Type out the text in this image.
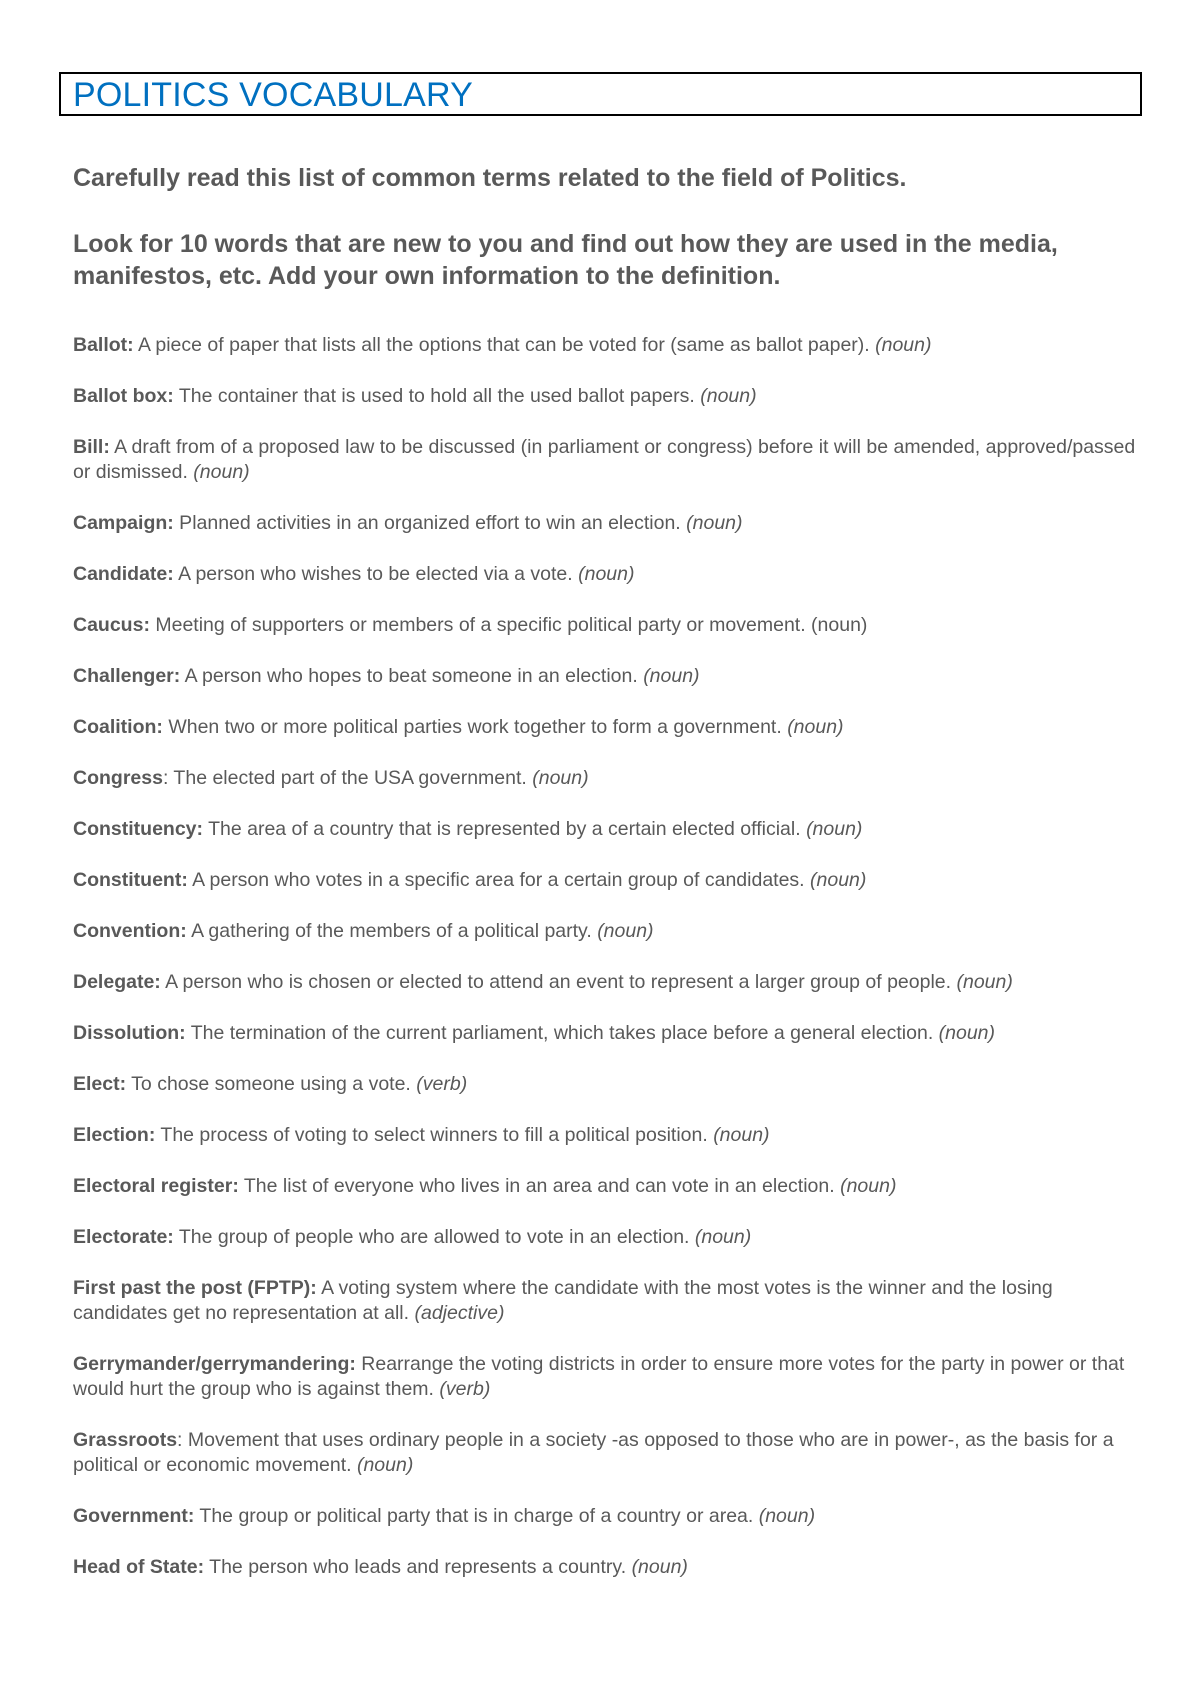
POLITICS VOCABULARY

Carefully read this list of common terms related to the field of Politics.

Look for 10 words that are new to you and find out how they are used in the media, manifestos, etc. Add your own information to the definition.

Ballot: A piece of paper that lists all the options that can be voted for (same as ballot paper). (noun)
Ballot box: The container that is used to hold all the used ballot papers. (noun)
Bill: A draft from of a proposed law to be discussed (in parliament or congress) before it will be amended, approved/passed or dismissed. (noun)
Campaign: Planned activities in an organized effort to win an election. (noun)
Candidate: A person who wishes to be elected via a vote. (noun)
Caucus: Meeting of supporters or members of a specific political party or movement. (noun)
Challenger: A person who hopes to beat someone in an election. (noun)
Coalition: When two or more political parties work together to form a government. (noun)
Congress: The elected part of the USA government. (noun)
Constituency: The area of a country that is represented by a certain elected official. (noun)
Constituent: A person who votes in a specific area for a certain group of candidates. (noun)
Convention: A gathering of the members of a political party. (noun)
Delegate: A person who is chosen or elected to attend an event to represent a larger group of people. (noun)
Dissolution: The termination of the current parliament, which takes place before a general election. (noun)
Elect: To chose someone using a vote. (verb)
Election: The process of voting to select winners to fill a political position. (noun)
Electoral register: The list of everyone who lives in an area and can vote in an election. (noun)
Electorate: The group of people who are allowed to vote in an election. (noun)
First past the post (FPTP): A voting system where the candidate with the most votes is the winner and the losing candidates get no representation at all. (adjective)
Gerrymander/gerrymandering: Rearrange the voting districts in order to ensure more votes for the party in power or that would hurt the group who is against them. (verb)
Grassroots: Movement that uses ordinary people in a society -as opposed to those who are in power-, as the basis for a political or economic movement. (noun)
Government: The group or political party that is in charge of a country or area. (noun)
Head of State: The person who leads and represents a country. (noun)
